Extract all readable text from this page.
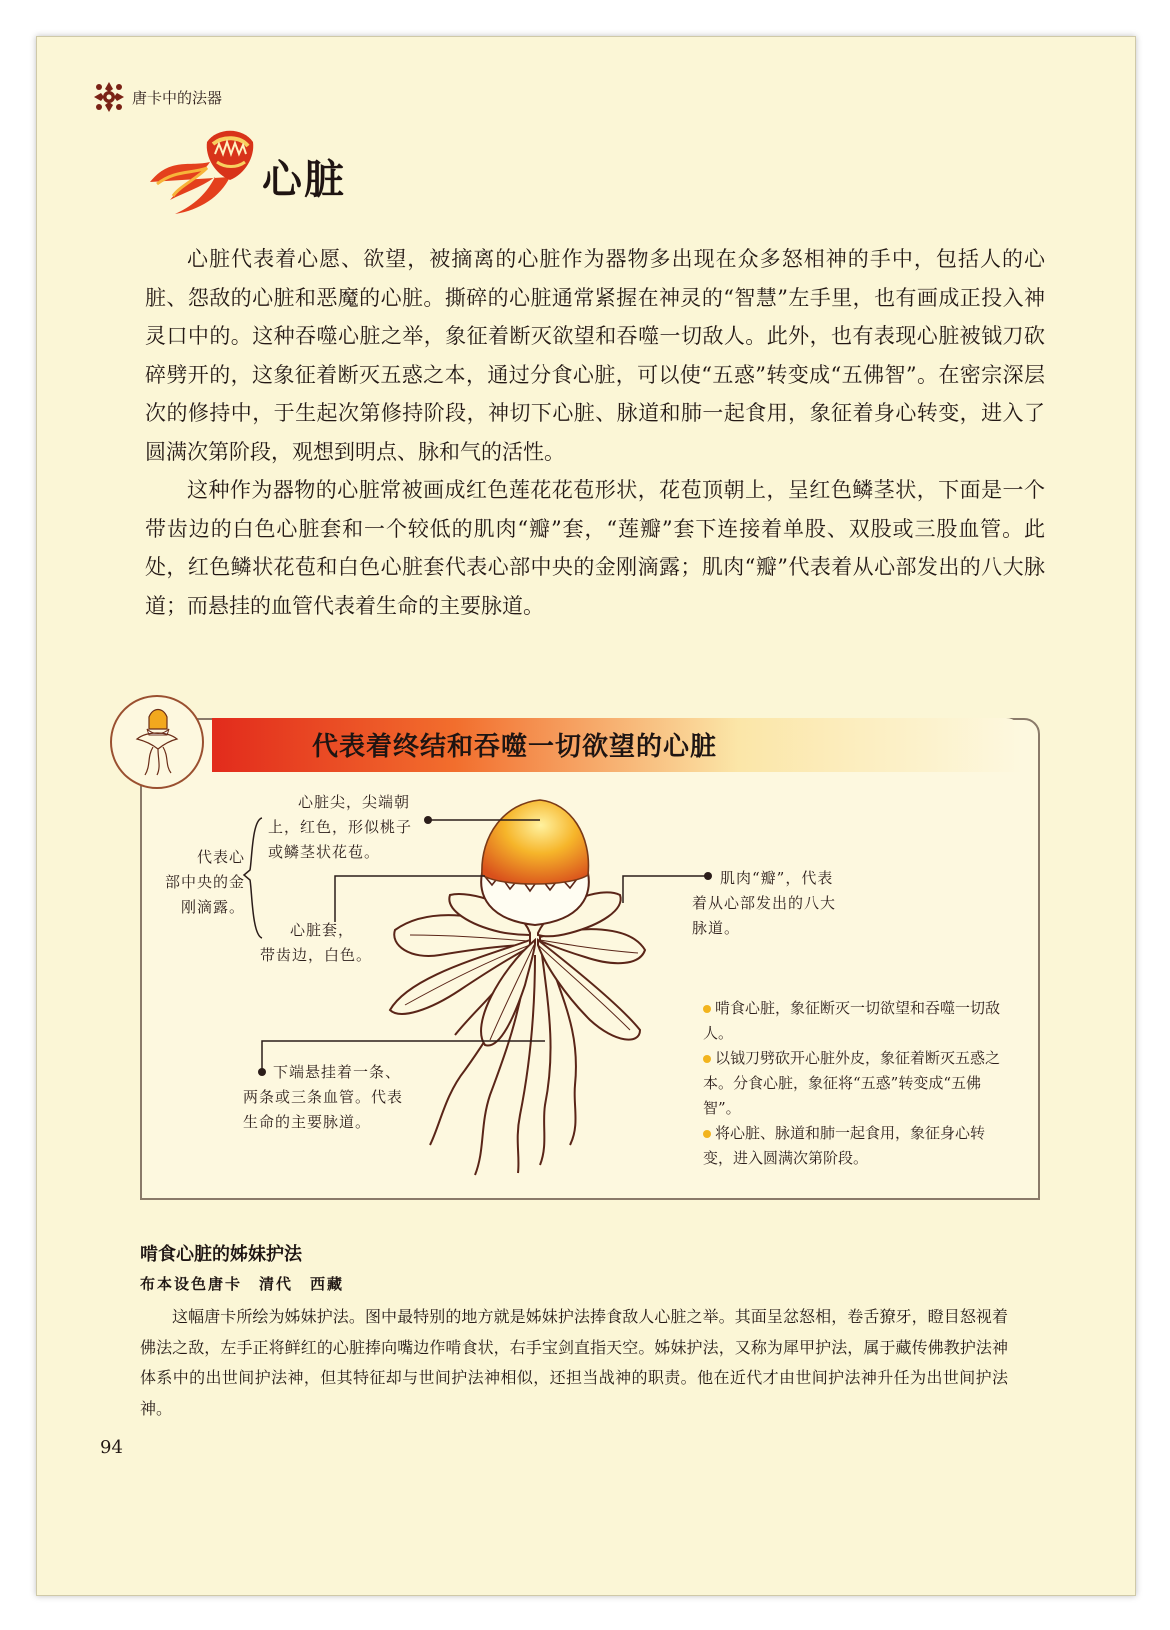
唐卡中的法器
心脏

心脏代表着心愿、欲望，被摘离的心脏作为器物多出现在众多怒相神的手中，包括人的心脏、怨敌的心脏和恶魔的心脏。撕碎的心脏通常紧握在神灵的“智慧”左手里，也有画成正投入神灵口中的。这种吞噬心脏之举，象征着断灭欲望和吞噬一切敌人。此外，也有表现心脏被钺刀砍碎劈开的，这象征着断灭五惑之本，通过分食心脏，可以使“五惑”转变成“五佛智”。在密宗深层次的修持中，于生起次第修持阶段，神切下心脏、脉道和肺一起食用，象征着身心转变，进入了圆满次第阶段，观想到明点、脉和气的活性。

这种作为器物的心脏常被画成红色莲花花苞形状，花苞顶朝上，呈红色鳞茎状，下面是一个带齿边的白色心脏套和一个较低的肌肉“瓣”套，“莲瓣”套下连接着单股、双股或三股血管。此处，红色鳞状花苞和白色心脏套代表心部中央的金刚滴露；肌肉“瓣”代表着从心部发出的八大脉道；而悬挂的血管代表着生命的主要脉道。

代表着终结和吞噬一切欲望的心脏
心脏尖，尖端朝
上，红色，形似桃子
或鳞茎状花苞。
代表心
部中央的金
刚滴露。
心脏套，
带齿边，白色。
肌肉“瓣”，代表
着从心部发出的八大
脉道。
下端悬挂着一条、
两条或三条血管。代表
生命的主要脉道。

啃食心脏，象征断灭一切欲望和吞噬一切敌人。

以钺刀劈砍开心脏外皮，象征着断灭五惑之本。分食心脏，象征将“五惑”转变成“五佛智”。

将心脏、脉道和肺一起食用，象征身心转变，进入圆满次第阶段。

啃食心脏的姊妹护法
布本设色唐卡　清代　西藏

这幅唐卡所绘为姊妹护法。图中最特别的地方就是姊妹护法捧食敌人心脏之举。其面呈忿怒相，卷舌獠牙，瞪目怒视着佛法之敌，左手正将鲜红的心脏捧向嘴边作啃食状，右手宝剑直指天空。姊妹护法，又称为犀甲护法，属于藏传佛教护法神体系中的出世间护法神，但其特征却与世间护法神相似，还担当战神的职责。他在近代才由世间护法神升任为出世间护法神。

94
